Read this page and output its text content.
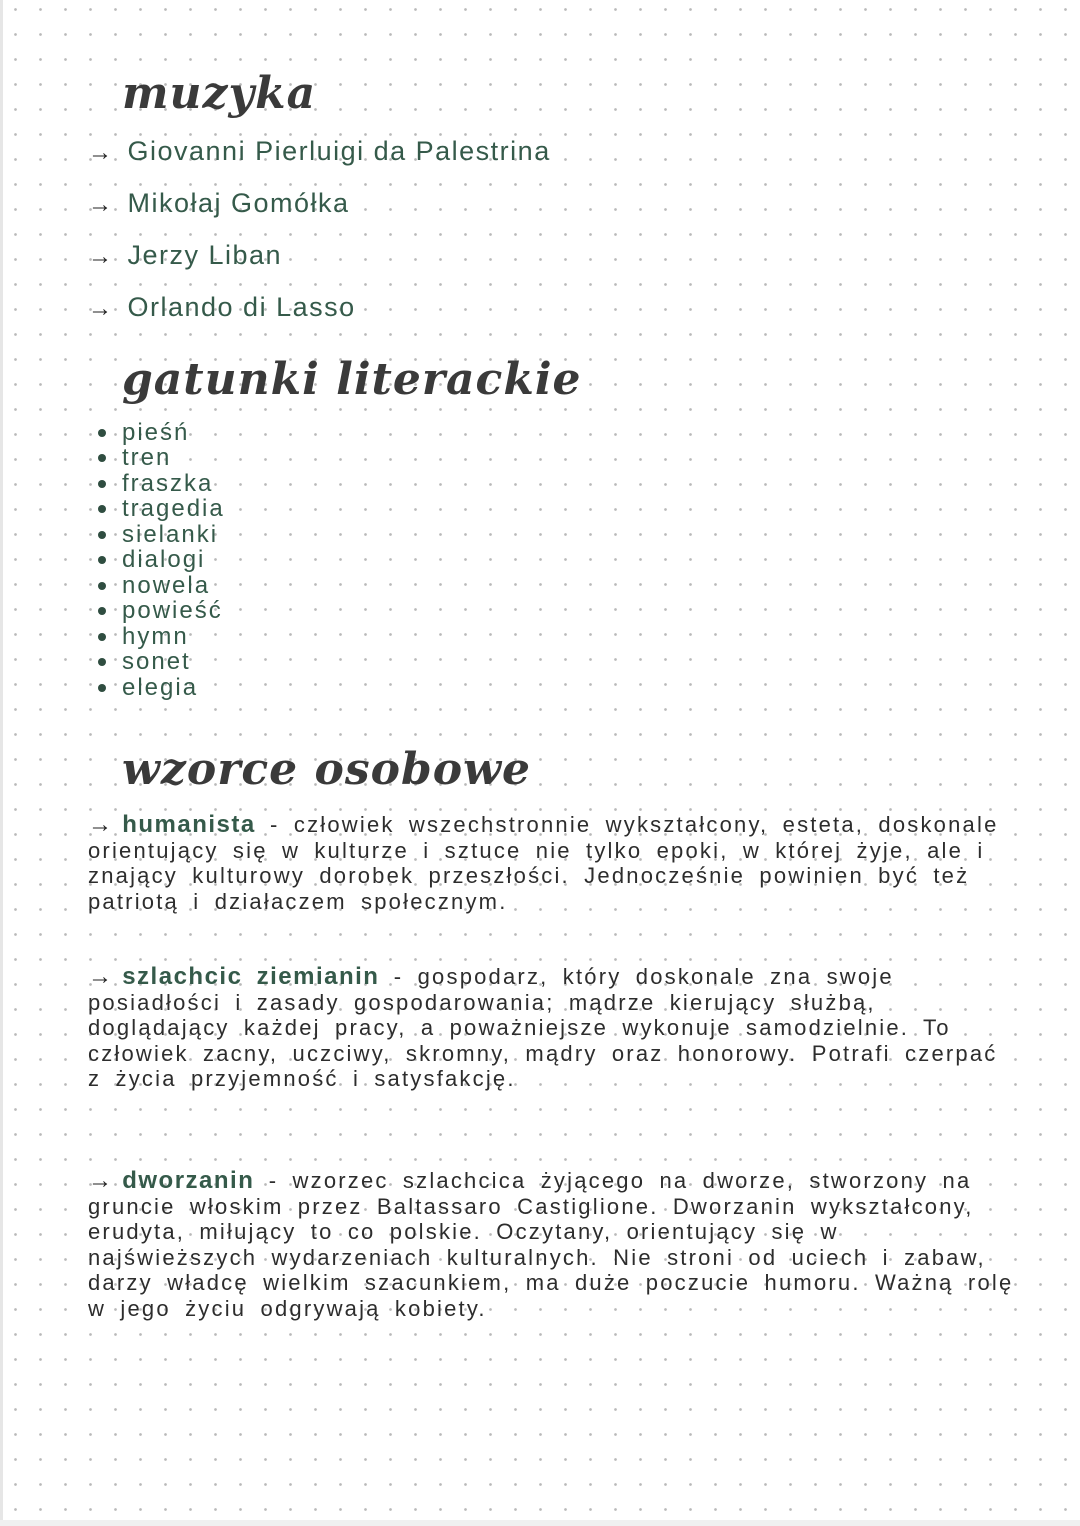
muzyka
→ Giovanni Pierluigi da Palestrina
→ Mikołaj Gomółka
→ Jerzy Liban
→ Orlando di Lasso
gatunki literackie
pieśń
tren
fraszka
tragedia
sielanki
dialogi
nowela
powieść
hymn
sonet
elegia
wzorce osobowe

→ humanista - człowiek wszechstronnie wykształcony, esteta, doskonale orientujący się w kulturze i sztuce nie tylko epoki, w której żyje, ale i znający kulturowy dorobek przeszłości. Jednocześnie powinien być też patriotą i działaczem społecznym.

→ szlachcic ziemianin - gospodarz, który doskonale zna swoje posiadłości i zasady gospodarowania; mądrze kierujący służbą, doglądający każdej pracy, a poważniejsze wykonuje samodzielnie. To człowiek zacny, uczciwy, skromny, mądry oraz honorowy. Potrafi czerpać z życia przyjemność i satysfakcję.

→ dworzanin - wzorzec szlachcica żyjącego na dworze, stworzony na gruncie włoskim przez Baltassaro Castiglione. Dworzanin wykształcony, erudyta, miłujący to co polskie. Oczytany, orientujący się w najświeższych wydarzeniach kulturalnych. Nie stroni od uciech i zabaw, darzy władcę wielkim szacunkiem, ma duże poczucie humoru. Ważną rolę w jego życiu odgrywają kobiety.
